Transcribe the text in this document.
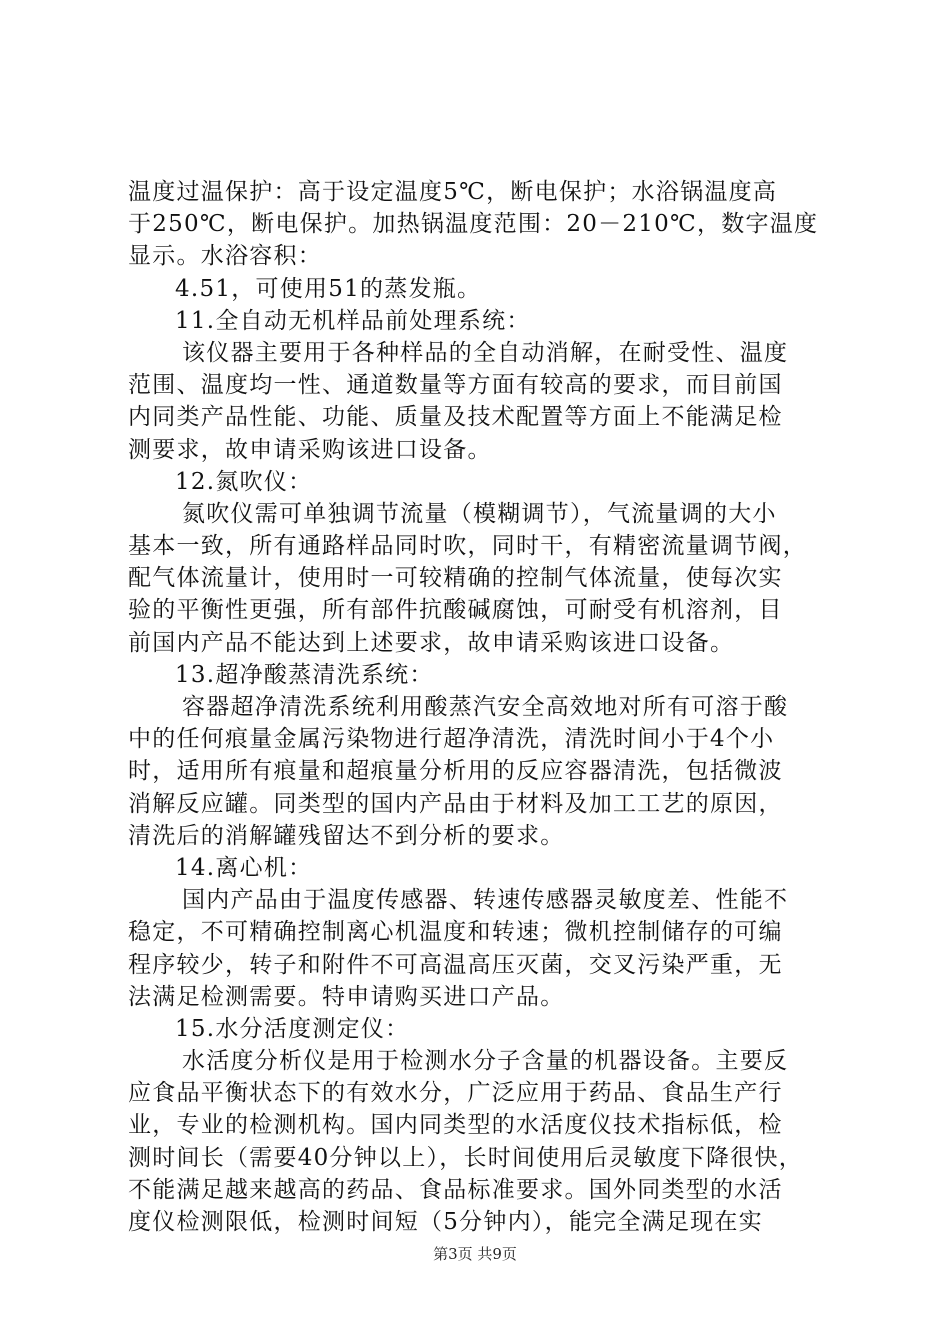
温度过温保护：高于设定温度5℃，断电保护；水浴锅温度高
于250℃，断电保护。加热锅温度范围：20－210℃，数字温度
显示。水浴容积：
4.51，可使用51的蒸发瓶。
11.全自动无机样品前处理系统：
该仪器主要用于各种样品的全自动消解，在耐受性、温度
范围、温度均一性、通道数量等方面有较高的要求，而目前国
内同类产品性能、功能、质量及技术配置等方面上不能满足检
测要求，故申请采购该进口设备。
12.氮吹仪：
氮吹仪需可单独调节流量（模糊调节），气流量调的大小
基本一致，所有通路样品同时吹，同时干，有精密流量调节阀，
配气体流量计，使用时一可较精确的控制气体流量，使每次实
验的平衡性更强，所有部件抗酸碱腐蚀，可耐受有机溶剂，目
前国内产品不能达到上述要求，故申请采购该进口设备。
13.超净酸蒸清洗系统：
容器超净清洗系统利用酸蒸汽安全高效地对所有可溶于酸
中的任何痕量金属污染物进行超净清洗，清洗时间小于4个小
时，适用所有痕量和超痕量分析用的反应容器清洗，包括微波
消解反应罐。同类型的国内产品由于材料及加工工艺的原因，
清洗后的消解罐残留达不到分析的要求。
14.离心机：
国内产品由于温度传感器、转速传感器灵敏度差、性能不
稳定，不可精确控制离心机温度和转速；微机控制储存的可编
程序较少，转子和附件不可高温高压灭菌，交叉污染严重，无
法满足检测需要。特申请购买进口产品。
15.水分活度测定仪：
水活度分析仪是用于检测水分子含量的机器设备。主要反
应食品平衡状态下的有效水分，广泛应用于药品、食品生产行
业，专业的检测机构。国内同类型的水活度仪技术指标低，检
测时间长（需要40分钟以上），长时间使用后灵敏度下降很快，
不能满足越来越高的药品、食品标准要求。国外同类型的水活
度仪检测限低，检测时间短（5分钟内），能完全满足现在实
第3页 共9页
